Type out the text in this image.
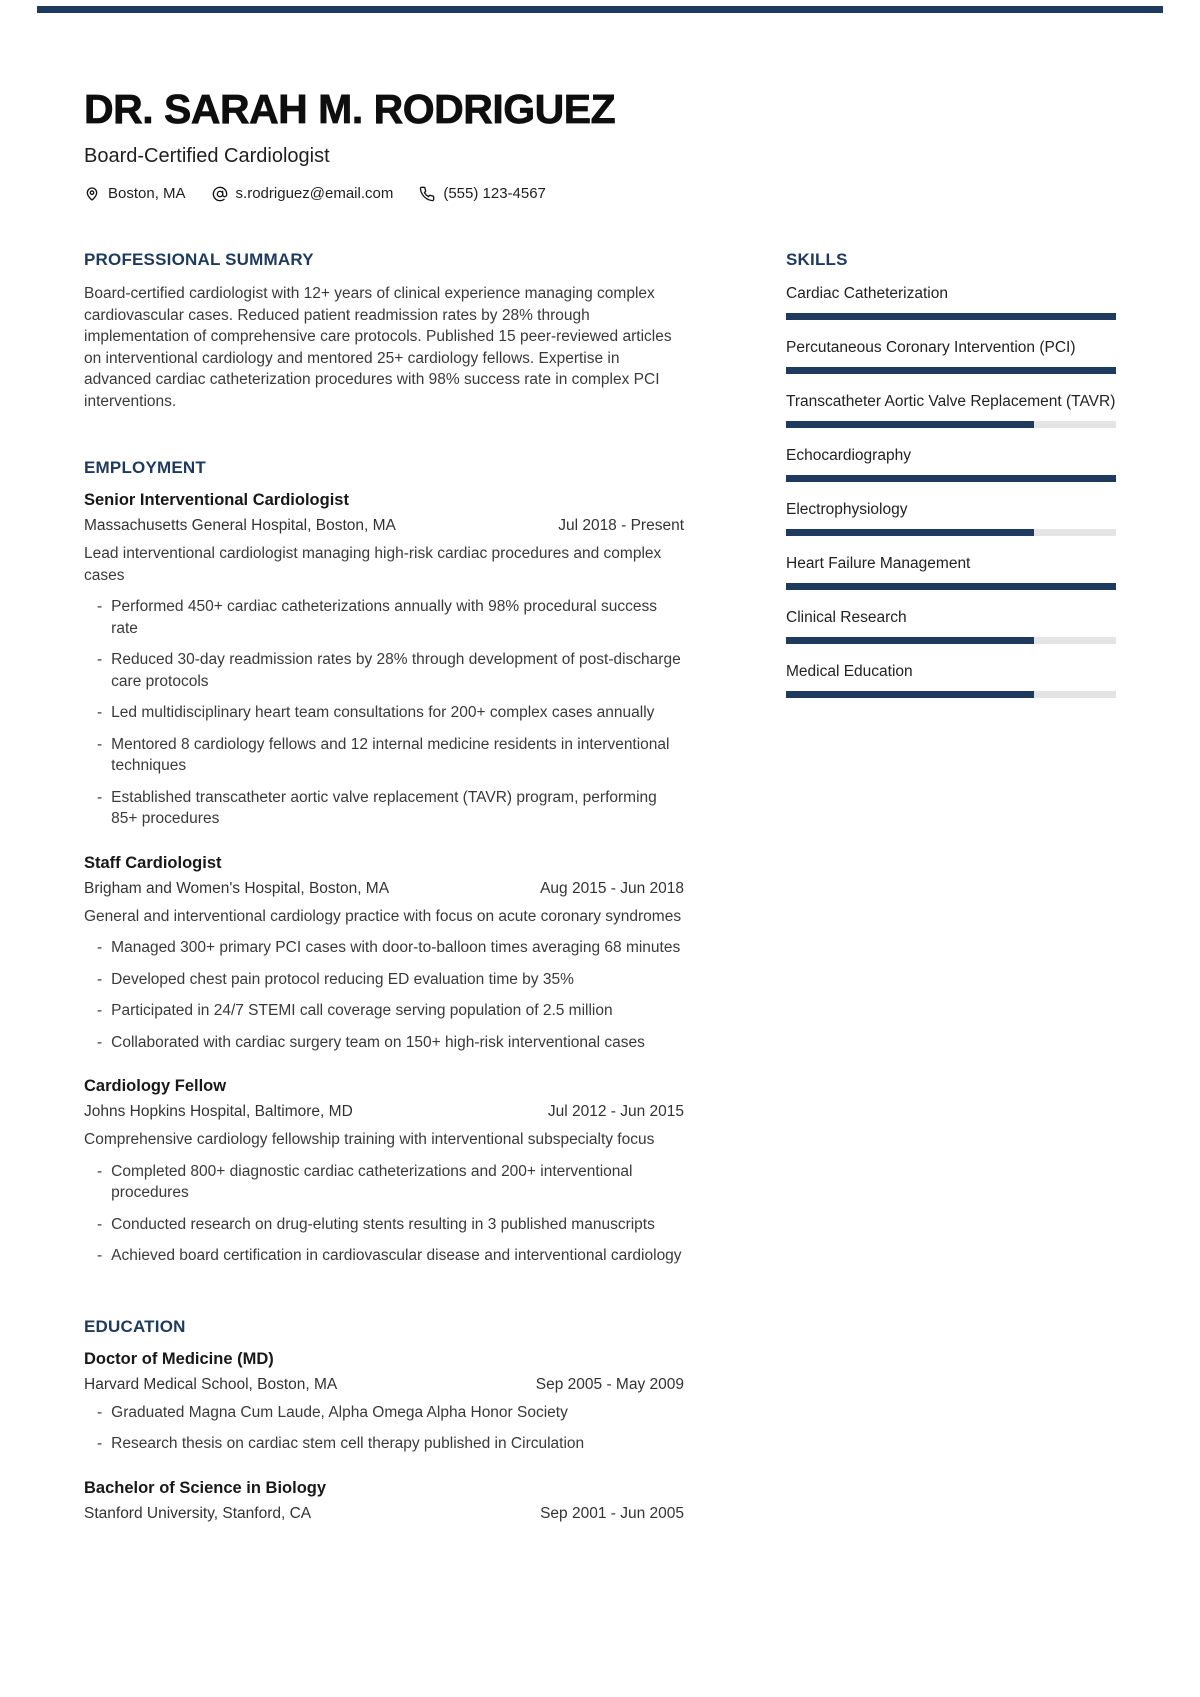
DR. SARAH M. RODRIGUEZ
Board-Certified Cardiologist
Boston, MA	s.rodriguez@email.com	(555) 123-4567
PROFESSIONAL SUMMARY

Board-certified cardiologist with 12+ years of clinical experience managing complex cardiovascular cases. Reduced patient readmission rates by 28% through implementation of comprehensive care protocols. Published 15 peer-reviewed articles on interventional cardiology and mentored 25+ cardiology fellows. Expertise in advanced cardiac catheterization procedures with 98% success rate in complex PCI interventions.

EMPLOYMENT
Senior Interventional Cardiologist
Massachusetts General Hospital, Boston, MA	Jul 2018 - Present

Lead interventional cardiologist managing high-risk cardiac procedures and complex cases

- Performed 450+ cardiac catheterizations annually with 98% procedural success rate
- Reduced 30-day readmission rates by 28% through development of post-discharge care protocols
- Led multidisciplinary heart team consultations for 200+ complex cases annually
- Mentored 8 cardiology fellows and 12 internal medicine residents in interventional techniques
- Established transcatheter aortic valve replacement (TAVR) program, performing 85+ procedures
Staff Cardiologist
Brigham and Women's Hospital, Boston, MA	Aug 2015 - Jun 2018

General and interventional cardiology practice with focus on acute coronary syndromes

- Managed 300+ primary PCI cases with door-to-balloon times averaging 68 minutes
- Developed chest pain protocol reducing ED evaluation time by 35%
- Participated in 24/7 STEMI call coverage serving population of 2.5 million
- Collaborated with cardiac surgery team on 150+ high-risk interventional cases
Cardiology Fellow
Johns Hopkins Hospital, Baltimore, MD	Jul 2012 - Jun 2015

Comprehensive cardiology fellowship training with interventional subspecialty focus

- Completed 800+ diagnostic cardiac catheterizations and 200+ interventional procedures
- Conducted research on drug-eluting stents resulting in 3 published manuscripts
- Achieved board certification in cardiovascular disease and interventional cardiology
EDUCATION
Doctor of Medicine (MD)
Harvard Medical School, Boston, MA	Sep 2005 - May 2009
- Graduated Magna Cum Laude, Alpha Omega Alpha Honor Society
- Research thesis on cardiac stem cell therapy published in Circulation
Bachelor of Science in Biology
Stanford University, Stanford, CA	Sep 2001 - Jun 2005
SKILLS
Cardiac Catheterization
Percutaneous Coronary Intervention (PCI)
Transcatheter Aortic Valve Replacement (TAVR)
Echocardiography
Electrophysiology
Heart Failure Management
Clinical Research
Medical Education
